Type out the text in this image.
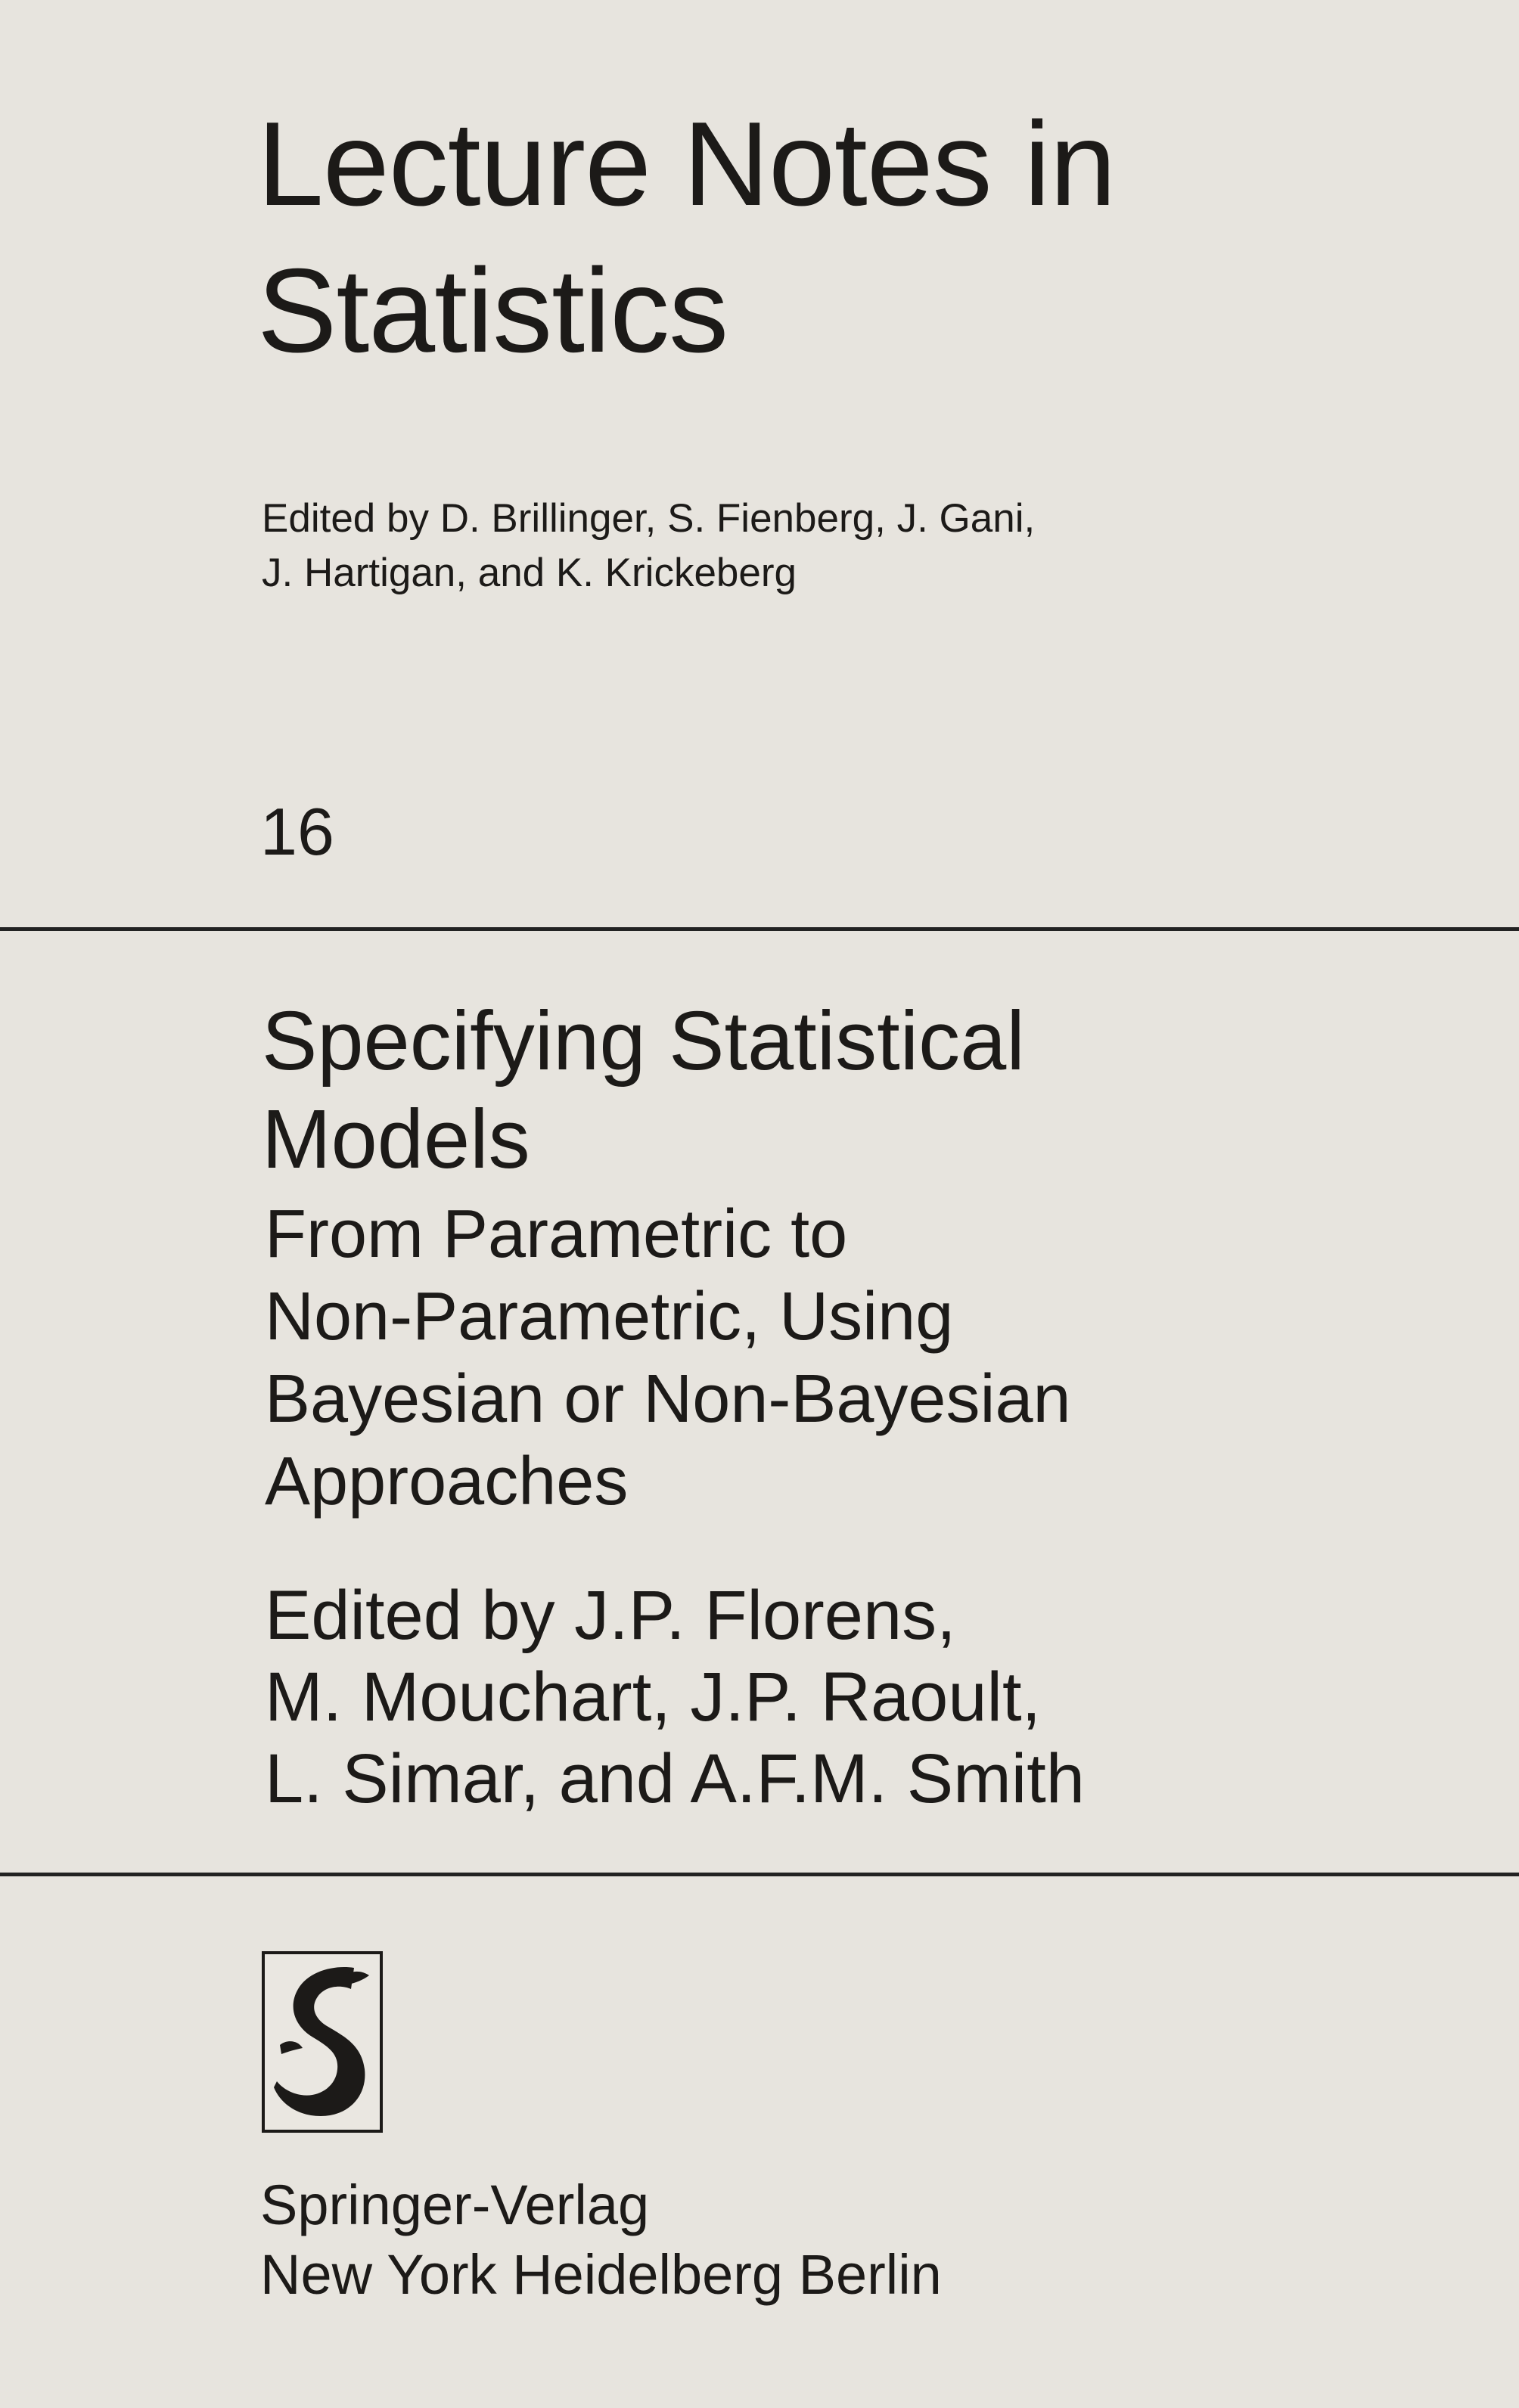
Lecture Notes in
Statistics

Edited by D. Brillinger, S. Fienberg, J. Gani,
J. Hartigan, and K. Krickeberg

16
Specifying Statistical
Models

From Parametric to
Non-Parametric, Using
Bayesian or Non-Bayesian
Approaches

Edited by J.P. Florens,
M. Mouchart, J.P. Raoult,
L. Simar, and A.F.M. Smith

Springer-Verlag
New York Heidelberg Berlin
